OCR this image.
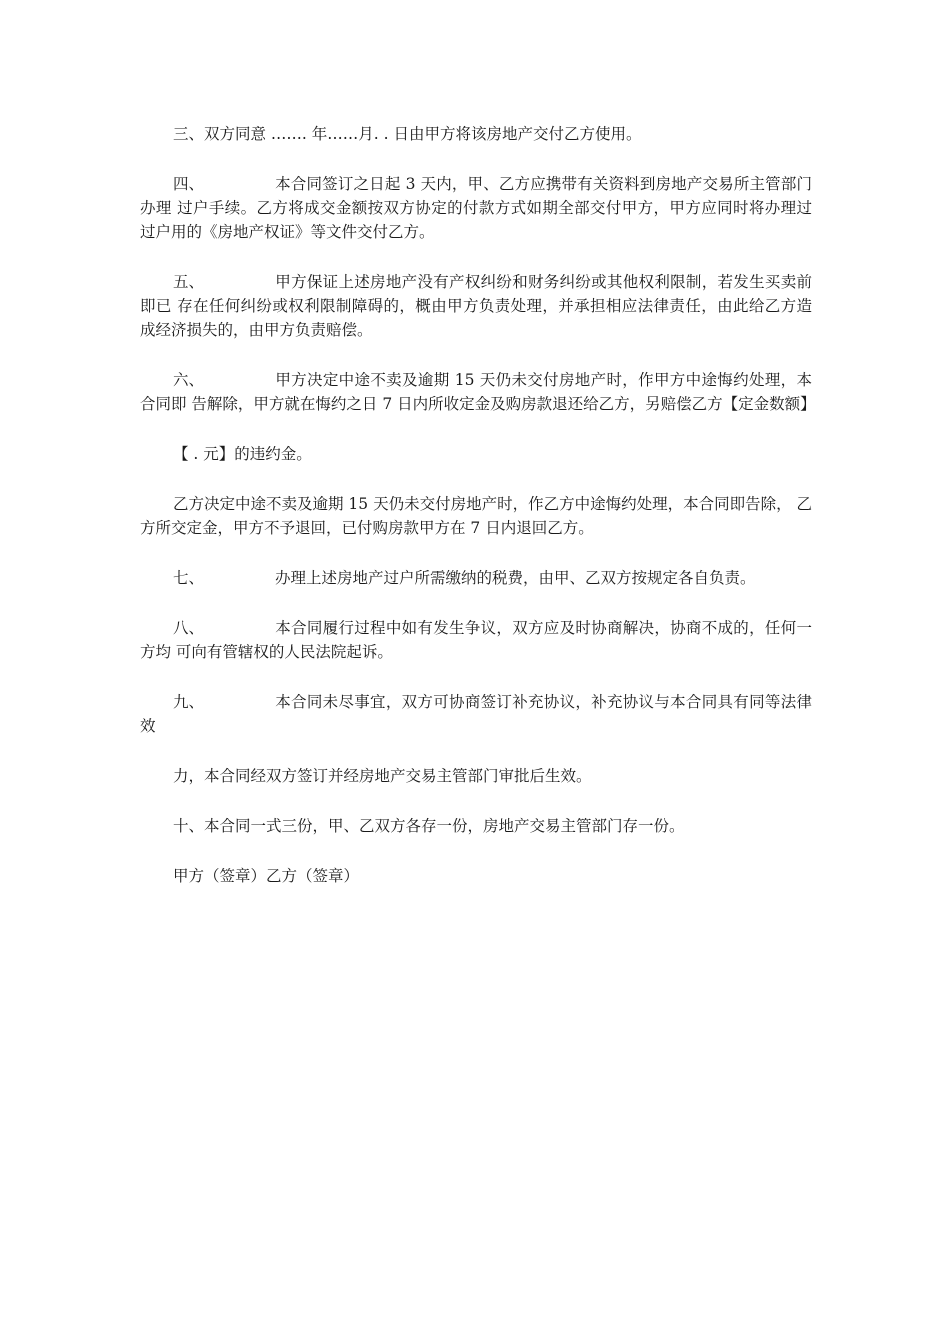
三、双方同意 ……. 年……月. . 日由甲方将该房地产交付乙方使用。

四、	本合同签订之日起 3 天内，甲、乙方应携带有关资料到房地产交易所主管部门办理 过户手续。乙方将成交金额按双方协定的付款方式如期全部交付甲方，甲方应同时将办理过 过户用的《房地产权证》等文件交付乙方。

五、	甲方保证上述房地产没有产权纠纷和财务纠纷或其他权利限制，若发生买卖前即已 存在任何纠纷或权利限制障碍的，概由甲方负责处理，并承担相应法律责任，由此给乙方造 成经济损失的，由甲方负责赔偿。

六、	甲方决定中途不卖及逾期 15 天仍未交付房地产时，作甲方中途悔约处理，本合同即 告解除，甲方就在悔约之日 7 日内所收定金及购房款退还给乙方，另赔偿乙方【定金数额】

【 . 元】的违约金。

乙方决定中途不卖及逾期 15 天仍未交付房地产时，作乙方中途悔约处理，本合同即告除， 乙方所交定金，甲方不予退回，已付购房款甲方在 7 日内退回乙方。

七、	办理上述房地产过户所需缴纳的税费，由甲、乙双方按规定各自负责。

八、	本合同履行过程中如有发生争议，双方应及时协商解决，协商不成的，任何一方均 可向有管辖权的人民法院起诉。

九、	本合同未尽事宜，双方可协商签订补充协议，补充协议与本合同具有同等法律效

力，本合同经双方签订并经房地产交易主管部门审批后生效。

十、本合同一式三份，甲、乙双方各存一份，房地产交易主管部门存一份。

甲方（签章）乙方（签章）
